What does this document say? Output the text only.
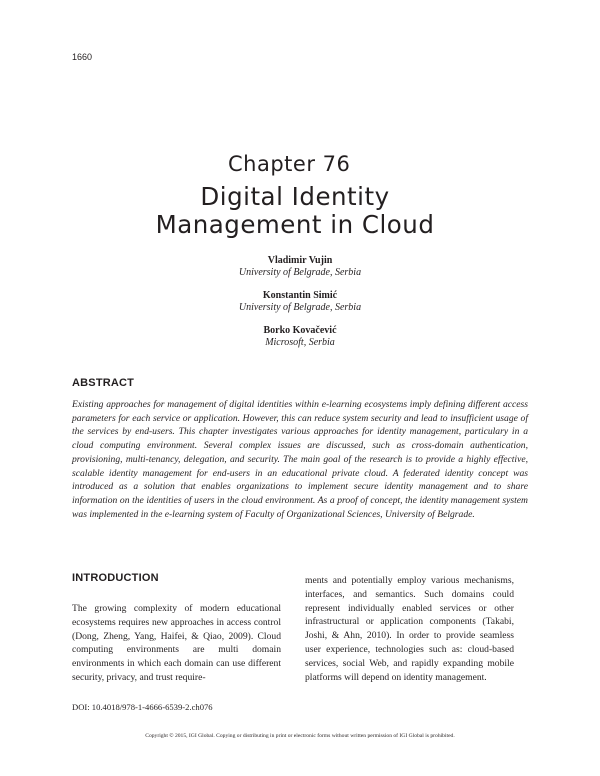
1660
Chapter 76
Digital Identity Management in Cloud
Vladimir Vujin
University of Belgrade, Serbia
Konstantin Simić
University of Belgrade, Serbia
Borko Kovačević
Microsoft, Serbia
ABSTRACT
Existing approaches for management of digital identities within e-learning ecosystems imply defining different access parameters for each service or application. However, this can reduce system security and lead to insufficient usage of the services by end-users. This chapter investigates various approaches for identity management, particulary in a cloud computing environment. Several complex issues are discussed, such as cross-domain authentication, provisioning, multi-tenancy, delegation, and security. The main goal of the research is to provide a highly effective, scalable identity management for end-users in an educational private cloud. A federated identity concept was introduced as a solution that enables organizations to implement secure identity management and to share information on the identities of users in the cloud environment. As a proof of concept, the identity management system was implemented in the e-learning system of Faculty of Organizational Sciences, University of Belgrade.
INTRODUCTION
The growing complexity of modern educational ecosystems requires new approaches in access control (Dong, Zheng, Yang, Haifei, & Qiao, 2009). Cloud computing environments are multi domain environments in which each domain can use different security, privacy, and trust require-
ments and potentially employ various mechanisms, interfaces, and semantics. Such domains could represent individually enabled services or other infrastructural or application components (Takabi, Joshi, & Ahn, 2010). In order to provide seamless user experience, technologies such as: cloud-based services, social Web, and rapidly expanding mobile platforms will depend on identity management.
DOI: 10.4018/978-1-4666-6539-2.ch076
Copyright © 2015, IGI Global. Copying or distributing in print or electronic forms without written permission of IGI Global is prohibited.
